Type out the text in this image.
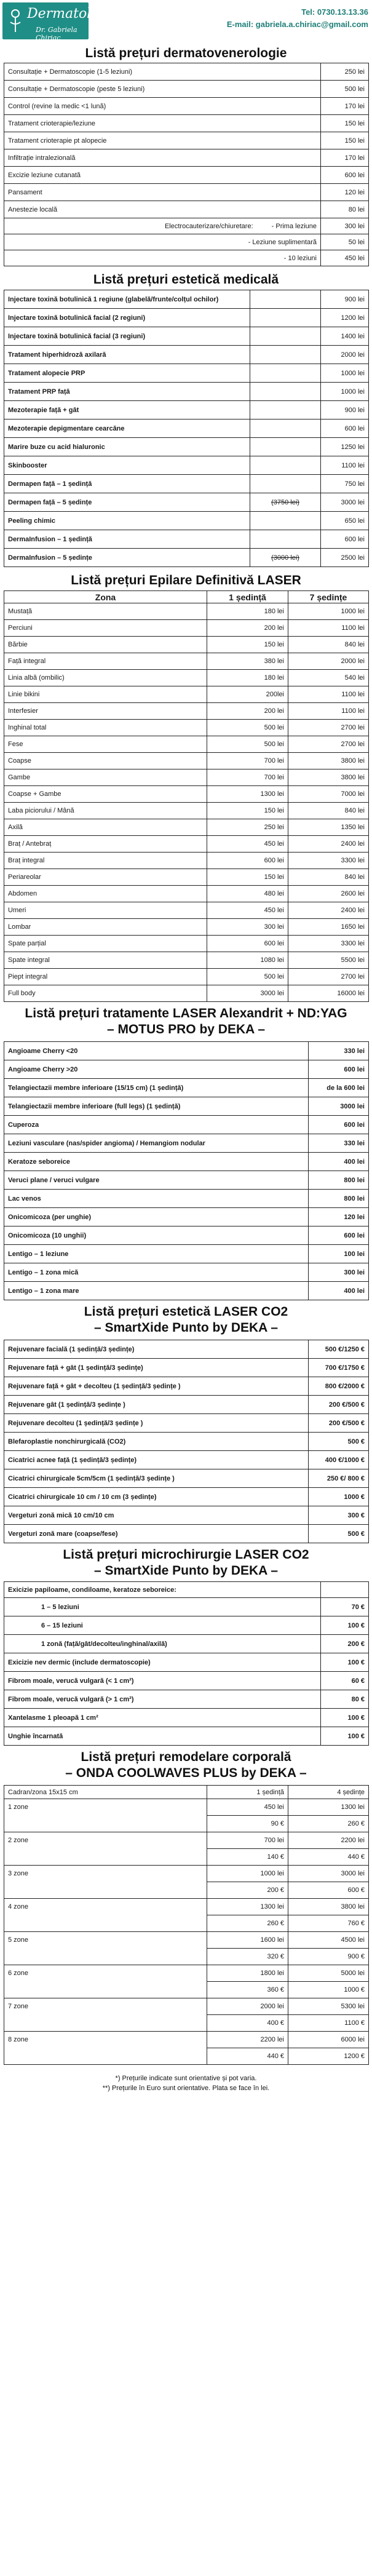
Dermatologie
Dr. Gabriela Chiriac
Tel: 0730.13.13.36
E-mail: gabriela.a.chiriac@gmail.com
Listă prețuri dermatovenerologie
Consultație + Dermatoscopie (1-5 leziuni)	250 lei
Consultație + Dermatoscopie (peste 5 leziuni)	500 lei
Control (revine la medic <1 lună)	170 lei
Tratament crioterapie/leziune	150 lei
Tratament crioterapie pt alopecie	150 lei
Infiltrație intralezională	170 lei
Excizie leziune cutanată	600 lei
Pansament	120 lei
Anestezie locală	80 lei
Electrocauterizare/chiuretare: - Prima leziune	300 lei
- Leziune suplimentară	50 lei
- 10 leziuni	450 lei
Listă prețuri estetică medicală
Injectare toxină botulinică 1 regiune (glabelă/frunte/colțul ochilor)		900 lei
Injectare toxină botulinică facial (2 regiuni)		1200 lei
Injectare toxină botulinică facial (3 regiuni)		1400 lei
Tratament hiperhidroză axilară		2000 lei
Tratament alopecie PRP		1000 lei
Tratament PRP față		1000 lei
Mezoterapie față + gât		900 lei
Mezoterapie depigmentare cearcăne		600 lei
Marire buze cu acid hialuronic		1250 lei
Skinbooster		1100 lei
Dermapen față – 1 ședință		750 lei
Dermapen față – 5 ședințe	(3750 lei)	3000 lei
Peeling chimic		650 lei
DermaInfusion – 1 ședință		600 lei
DermaInfusion – 5 ședințe	(3000 lei)	2500 lei
Listă prețuri Epilare Definitivă LASER
Zona	1 ședință	7 ședințe
Mustață	180 lei	1000 lei
Perciuni	200 lei	1100 lei
Bărbie	150 lei	840 lei
Față integral	380 lei	2000 lei
Linia albă (ombilic)	180 lei	540 lei
Linie bikini	200lei	1100 lei
Interfesier	200 lei	1100 lei
Inghinal total	500 lei	2700 lei
Fese	500 lei	2700 lei
Coapse	700 lei	3800 lei
Gambe	700 lei	3800 lei
Coapse + Gambe	1300 lei	7000 lei
Laba piciorului / Mână	150 lei	840 lei
Axilă	250 lei	1350 lei
Braț / Antebraț	450 lei	2400 lei
Braț integral	600 lei	3300 lei
Periareolar	150 lei	840 lei
Abdomen	480 lei	2600 lei
Umeri	450 lei	2400 lei
Lombar	300 lei	1650 lei
Spate parțial	600 lei	3300 lei
Spate integral	1080 lei	5500 lei
Piept integral	500 lei	2700 lei
Full body	3000 lei	16000 lei
Listă prețuri tratamente LASER Alexandrit + ND:YAG
– MOTUS PRO by DEKA –
Angioame Cherry <20	330 lei
Angioame Cherry >20	600 lei
Telangiectazii membre inferioare (15/15 cm) (1 ședință)	de la 600 lei
Telangiectazii membre inferioare (full legs) (1 ședință)	3000 lei
Cuperoza	600 lei
Leziuni vasculare (nas/spider angioma) / Hemangiom nodular	330 lei
Keratoze seboreice	400 lei
Veruci plane / veruci vulgare	800 lei
Lac venos	800 lei
Onicomicoza (per unghie)	120 lei
Onicomicoza (10 unghii)	600 lei
Lentigo – 1 leziune	100 lei
Lentigo – 1 zona mică	300 lei
Lentigo – 1 zona mare	400 lei
Listă prețuri estetică LASER CO2
– SmartXide Punto by DEKA –
Rejuvenare facială (1 ședință/3 ședințe)	500 €/1250 €
Rejuvenare față + gât (1 ședință/3 ședințe)	700 €/1750 €
Rejuvenare față + gât + decolteu (1 ședință/3 ședințe )	800 €/2000 €
Rejuvenare gât (1 ședință/3 ședințe )	200 €/500 €
Rejuvenare decolteu (1 ședință/3 ședințe )	200 €/500 €
Blefaroplastie nonchirurgicală (CO2)	500 €
Cicatrici acnee față (1 ședință/3 ședințe)	400 €/1000 €
Cicatrici chirurgicale 5cm/5cm (1 ședință/3 ședințe )	250 €/ 800 €
Cicatrici chirurgicale 10 cm / 10 cm (3 ședințe)	1000 €
Vergeturi zonă mică 10 cm/10 cm	300 €
Vergeturi zonă mare (coapse/fese)	500 €
Listă prețuri microchirurgie LASER CO2
– SmartXide Punto by DEKA –
Exicizie papiloame, condiloame, keratoze seboreice:	
1 – 5 leziuni	70 €
6 – 15 leziuni	100 €
1 zonă (față/gât/decolteu/inghinal/axilă)	200 €
Exicizie nev dermic (include dermatoscopie)	100 €
Fibrom moale, verucă vulgară (< 1 cm²)	60 €
Fibrom moale, verucă vulgară (> 1 cm²)	80 €
Xantelasme 1 pleoapă 1 cm²	100 €
Unghie încarnată	100 €
Listă prețuri remodelare corporală
– ONDA COOLWAVES PLUS by DEKA –
Cadran/zona 15x15 cm	1 ședință	4 ședințe
1 zone	450 lei	1300 lei
	90 €	260 €
2 zone	700 lei	2200 lei
	140 €	440 €
3 zone	1000 lei	3000 lei
	200 €	600 €
4 zone	1300 lei	3800 lei
	260 €	760 €
5 zone	1600 lei	4500 lei
	320 €	900 €
6 zone	1800 lei	5000 lei
	360 €	1000 €
7 zone	2000 lei	5300 lei
	400 €	1100 €
8 zone	2200 lei	6000 lei
	440 €	1200 €
*) Prețurile indicate sunt orientative și pot varia.
**) Prețurile în Euro sunt orientative. Plata se face în lei.
